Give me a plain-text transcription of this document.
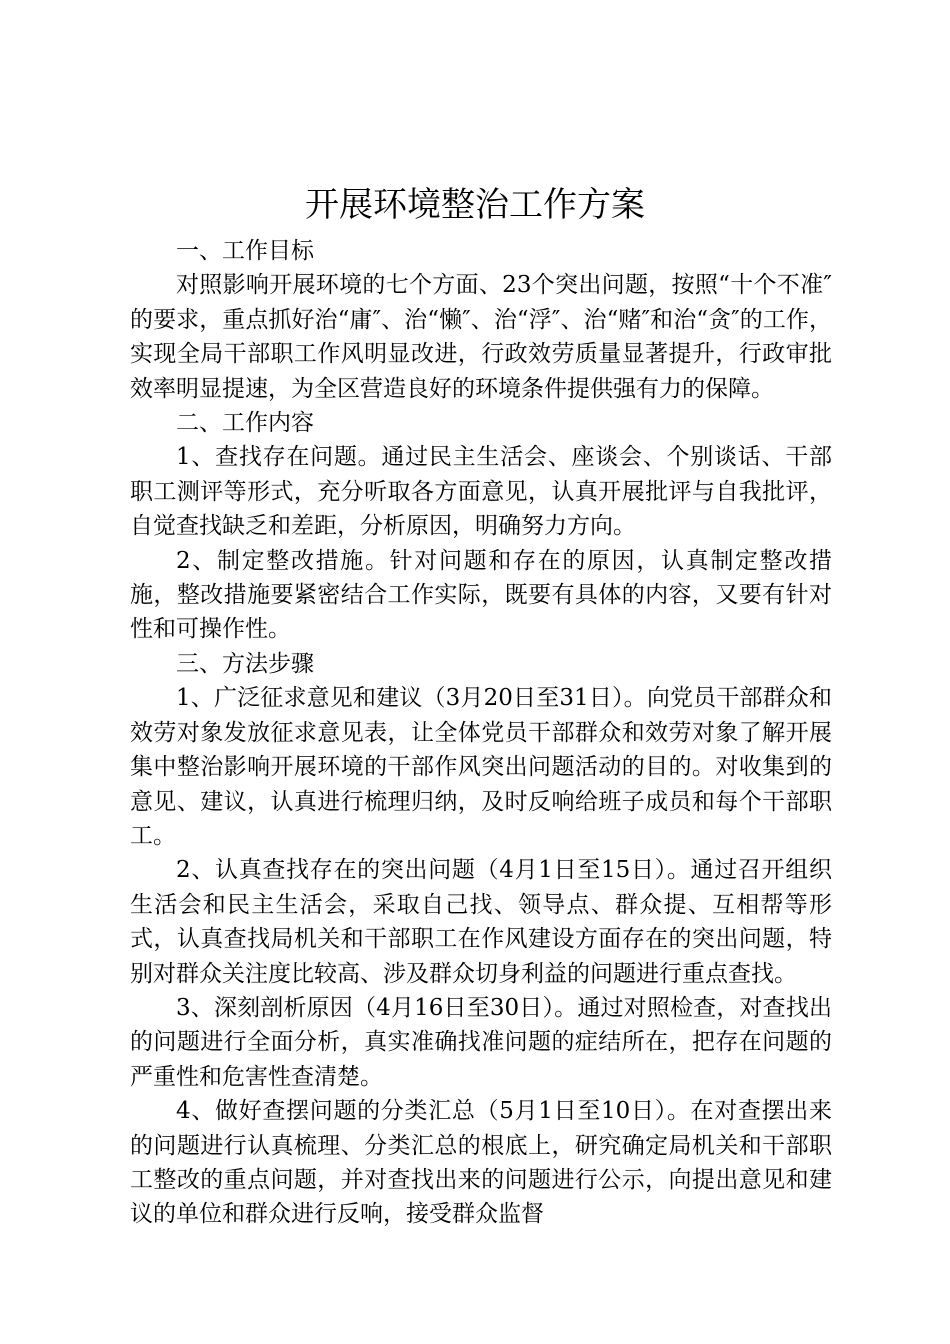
开展环境整治工作方案

一、工作目标

对照影响开展环境的七个方面、23个突出问题，按照“十个不准″的要求，重点抓好治“庸″、治“懒″、治“浮″、治“赌″和治“贪″的工作，实现全局干部职工作风明显改进，行政效劳质量显著提升，行政审批效率明显提速，为全区营造良好的环境条件提供强有力的保障。

二、工作内容

1、查找存在问题。通过民主生活会、座谈会、个别谈话、干部职工测评等形式，充分听取各方面意见，认真开展批评与自我批评，自觉查找缺乏和差距，分析原因，明确努力方向。

2、制定整改措施。针对问题和存在的原因，认真制定整改措施，整改措施要紧密结合工作实际，既要有具体的内容，又要有针对性和可操作性。

三、方法步骤

1、广泛征求意见和建议（3月20日至31日）。向党员干部群众和效劳对象发放征求意见表，让全体党员干部群众和效劳对象了解开展集中整治影响开展环境的干部作风突出问题活动的目的。对收集到的意见、建议，认真进行梳理归纳，及时反响给班子成员和每个干部职工。

2、认真查找存在的突出问题（4月1日至15日）。通过召开组织生活会和民主生活会，采取自己找、领导点、群众提、互相帮等形式，认真查找局机关和干部职工在作风建设方面存在的突出问题，特别对群众关注度比较高、涉及群众切身利益的问题进行重点查找。

3、深刻剖析原因（4月16日至30日）。通过对照检查，对查找出的问题进行全面分析，真实准确找准问题的症结所在，把存在问题的严重性和危害性查清楚。

4、做好查摆问题的分类汇总（5月1日至10日）。在对查摆出来的问题进行认真梳理、分类汇总的根底上，研究确定局机关和干部职工整改的重点问题，并对查找出来的问题进行公示，向提出意见和建议的单位和群众进行反响，接受群众监督
